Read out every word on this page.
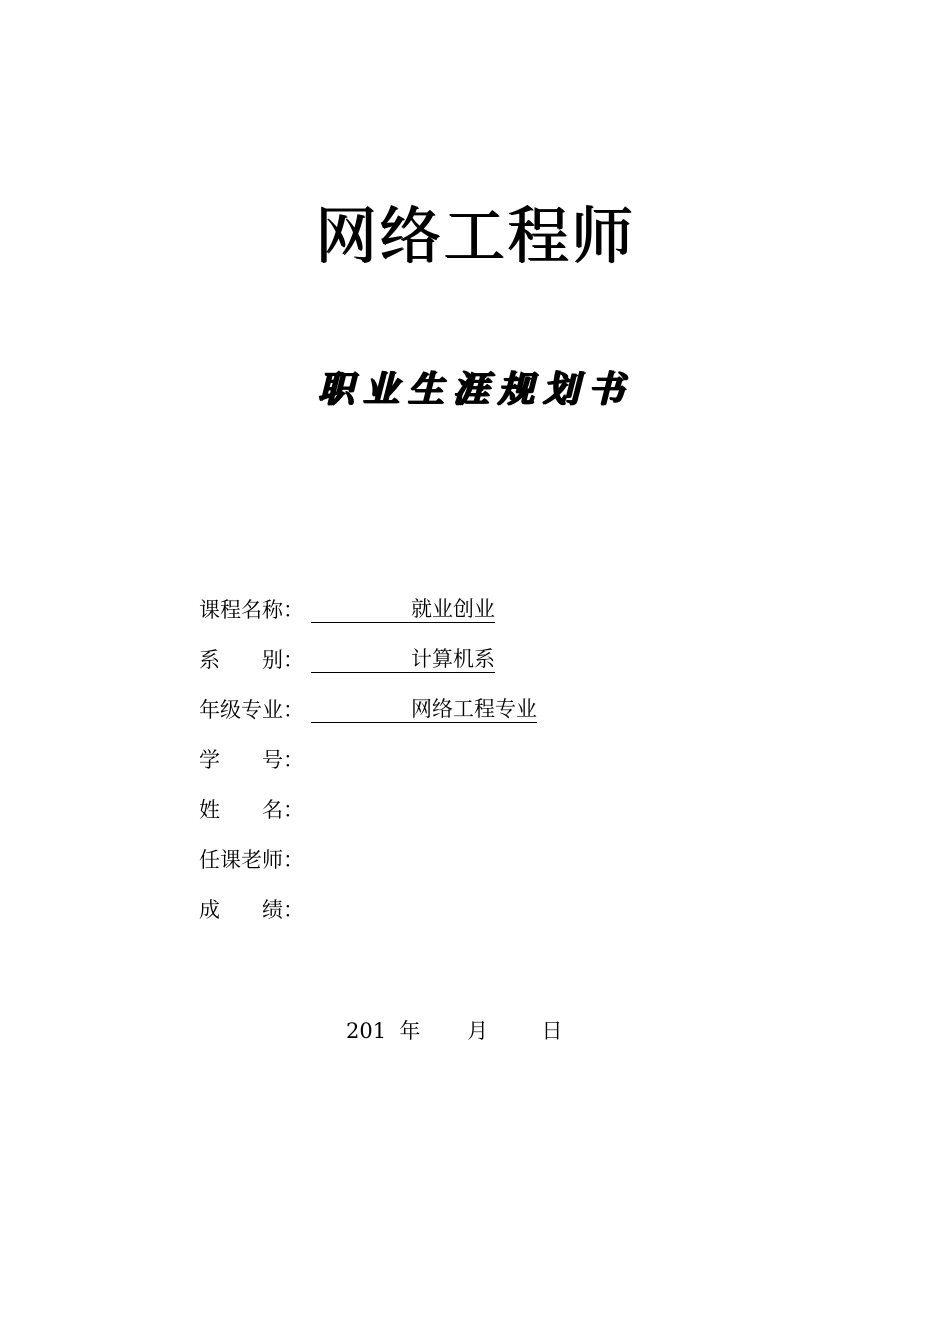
网络工程师
职业生涯规划书
课程名称：	就业创业
系　　别：	计算机系
年级专业：	网络工程专业
学　　号：
姓　　名：
任课老师：
成　　绩：
201  年       月        日
